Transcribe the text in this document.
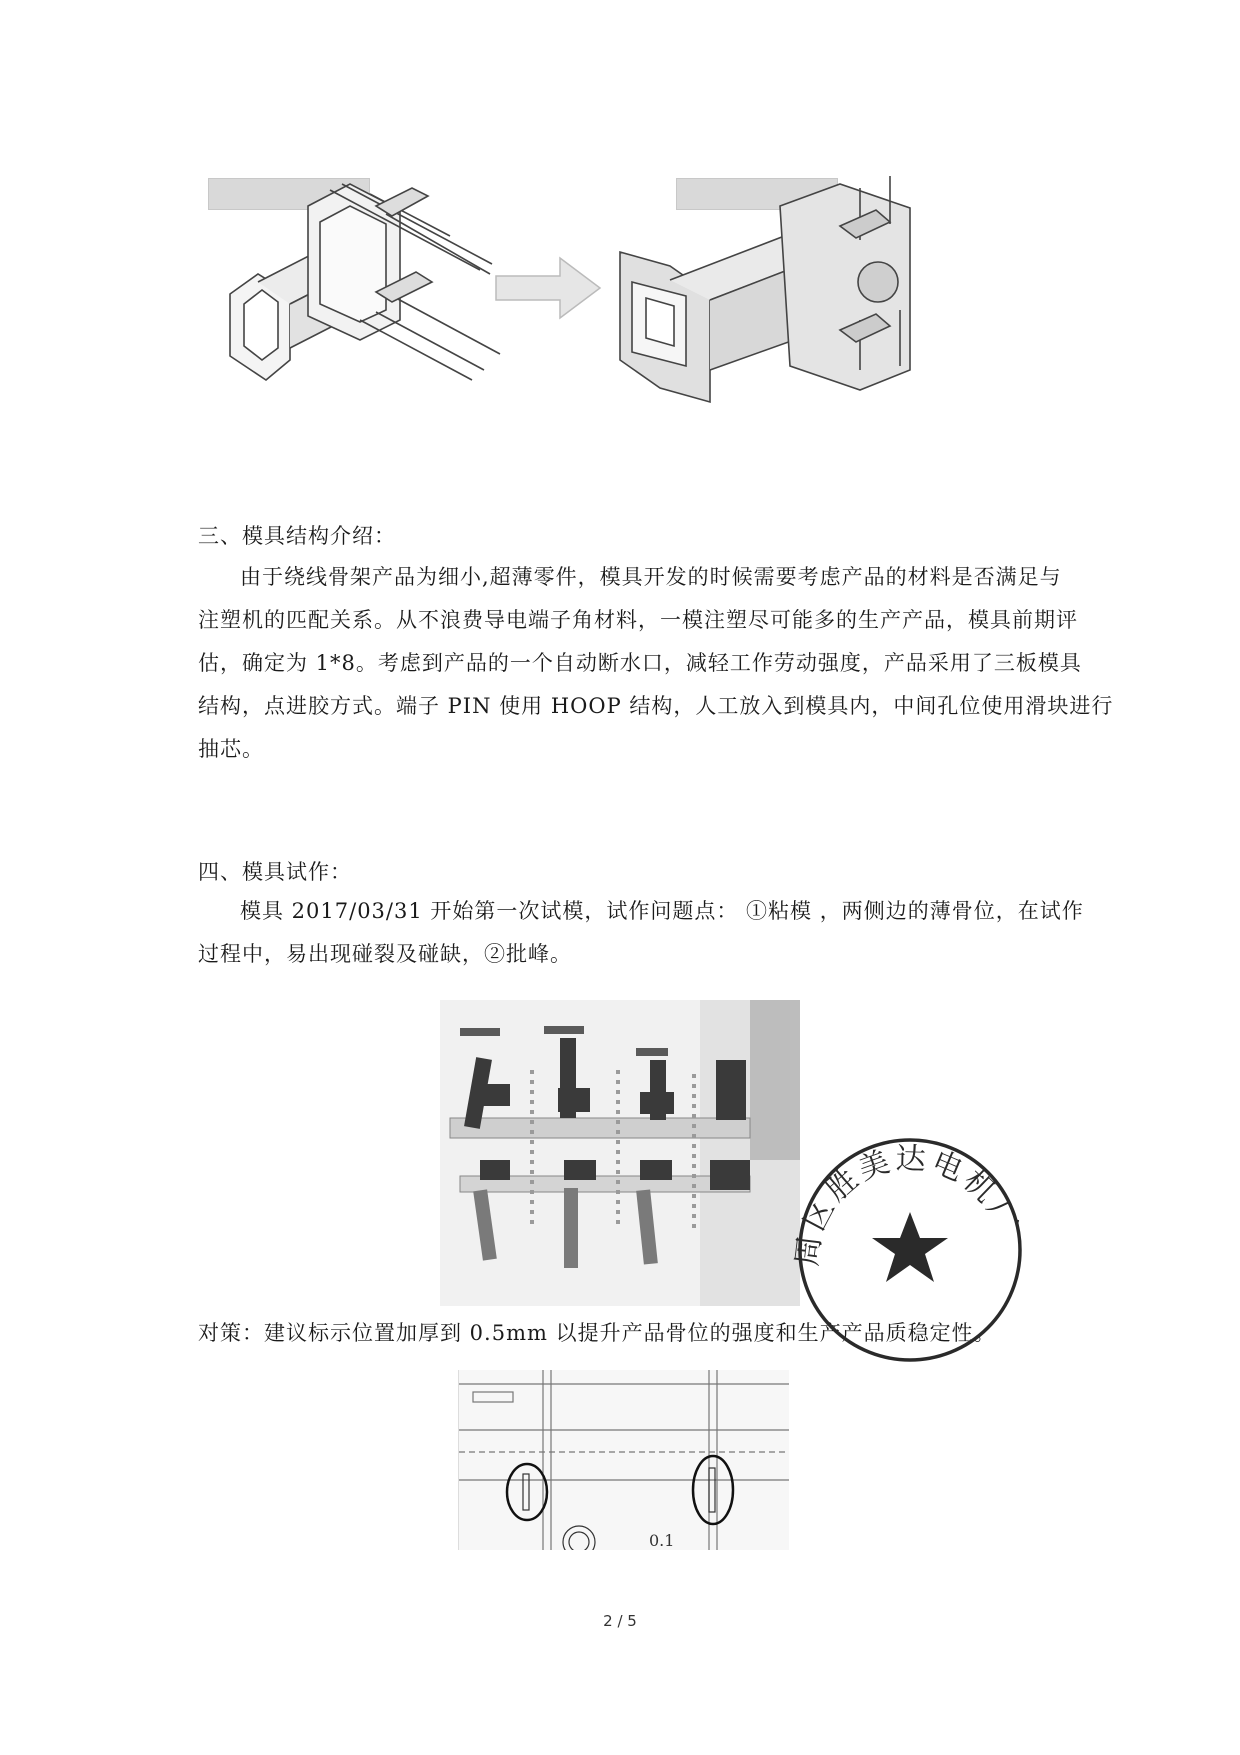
三、模具结构介绍：
由于绕线骨架产品为细小,超薄零件，模具开发的时候需要考虑产品的材料是否满足与
注塑机的匹配关系。从不浪费导电端子角材料，一模注塑尽可能多的生产产品，模具前期评
估，确定为 1*8。考虑到产品的一个自动断水口，减轻工作劳动强度，产品采用了三板模具
结构，点进胶方式。端子 PIN 使用 HOOP 结构，人工放入到模具内，中间孔位使用滑块进行
抽芯。
四、模具试作：
模具 2017/03/31 开始第一次试模，试作问题点： ①粘模 ，两侧边的薄骨位，在试作
过程中，易出现碰裂及碰缺，②批峰。
对策：建议标示位置加厚到 0.5mm 以提升产品骨位的强度和生产产品质稳定性。
0.1
周区胜美达电机厂
2 / 5
